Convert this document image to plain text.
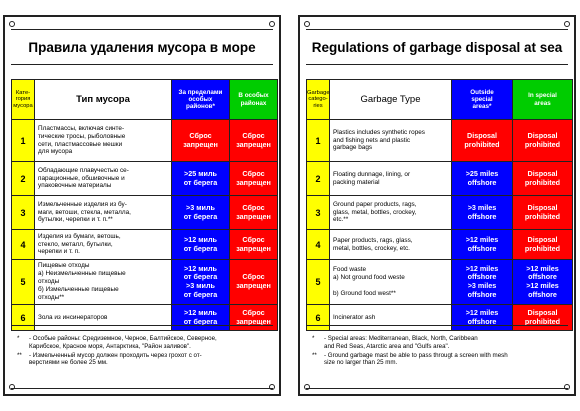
Правила удаления мусора в море
Кате-
гория
мусора	Тип мусора	За пределами
особых
районов*	В особых
районах
1	Пластмассы, включая синте-
тические тросы, рыболовные
сети, пластмассовые мешки
для мусора	Сброс
запрещен	Сброс
запрещен
2	Обладающие плавучестью се-
парационные, обшивочные и
упаковочные материалы	>25 миль
от берега	Сброс
запрещен
3	Измельченные изделия из бу-
маги, ветоши, стекла, металла,
бутылки, черепки и т. п.**	>3 миль
от берега	Сброс
запрещен
4	Изделия из бумаги, ветошь,
стекло, металл, бутылки,
черепки и т. п.	>12 миль
от берега	Сброс
запрещен
5	Пищевые отходы
а) Неизмельченные пищевые
отходы
б) Измельченные пищевые
отходы**	>12 миль
от берега
>3 миль
от берега	Сброс
запрещен
6	Зола из инсинераторов	>12 миль
от берега	Сброс
запрещен
*	- Особые районы: Средиземное, Черное, Балтийское, Северное,
Карибское, Красное моря, Антарктика, "Район заливов".
**	- Измельченный мусор должен проходить через грохот с от-
верстиями не более 25 мм.
Regulations of garbage disposal at sea
Garbage
catego-
ries	Garbage Type	Outside
special
areas*	In special
areas
1	Plastics includes synthetic ropes
and fishing nets and plastic
garbage bags	Disposal
prohibited	Disposal
prohibited
2	Floating dunnage, lining, or
packing material	>25 miles
offshore	Disposal
prohibited
3	Ground paper products, rags,
glass, metal, bottles, crockey,
etc.**	>3 miles
offshore	Disposal
prohibited
4	Paper products, rags, glass,
metal, bottles, crockey, etc.	>12 miles
offshore	Disposal
prohibited
5	Food waste
a) Not ground food weste

b) Ground food west**	>12 miles
offshore
>3 miles
offshore	>12 miles
offshore
>12 miles
offshore
6	Incinerator ash	>12 miles
offshore	Disposal
prohibited
*	- Special areas: Mediterranean, Black, North, Caribbean
and Red Seas, Atarctic area and "Gulfs area".
**	- Ground garbage mast be able to pass througt a screen with mesh
size no larger than 25 mm.
